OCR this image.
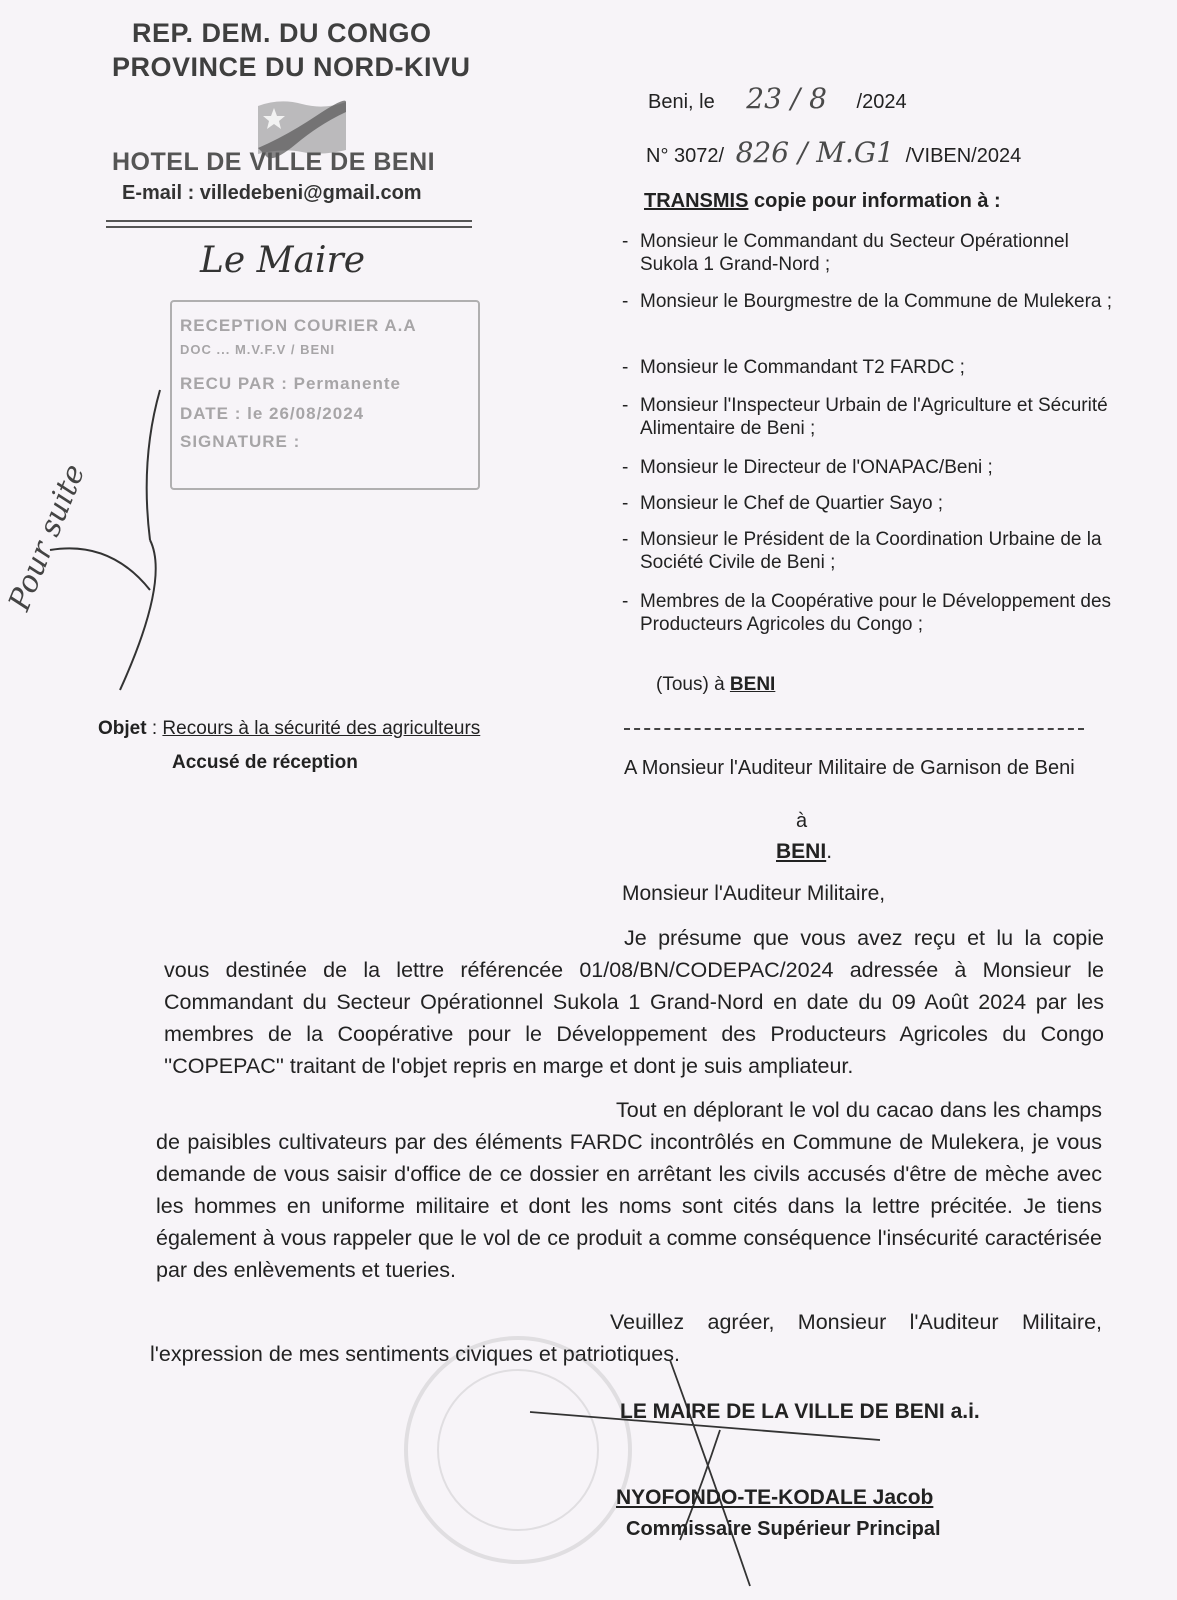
REP. DEM. DU CONGO
PROVINCE DU NORD-KIVU
HOTEL DE VILLE DE BENI
E-mail : villedebeni@gmail.com
Le Maire
RECEPTION COURIER A.A
DOC ... M.V.F.V / BENI
RECU PAR : Permanente
DATE : le 26/08/2024
SIGNATURE :
Pour suite
Beni, le 23 / 8 /2024
N° 3072/ 826 / M.G1 /VIBEN/2024
TRANSMIS copie pour information à :
- Monsieur le Commandant du Secteur Opérationnel Sukola 1 Grand-Nord ;
- Monsieur le Bourgmestre de la Commune de Mulekera ;
- Monsieur le Commandant T2 FARDC ;
- Monsieur l'Inspecteur Urbain de l'Agriculture et Sécurité Alimentaire de Beni ;
- Monsieur le Directeur de l'ONAPAC/Beni ;
- Monsieur le Chef de Quartier Sayo ;
- Monsieur le Président de la Coordination Urbaine de la Société Civile de Beni ;
- Membres de la Coopérative pour le Développement des Producteurs Agricoles du Congo ;
(Tous) à BENI
Objet : Recours à la sécurité des agriculteurs
Accusé de réception	A Monsieur l'Auditeur Militaire de Garnison de Beni
à
BENI.
Monsieur l'Auditeur Militaire,
Je présume que vous avez reçu et lu la copie vous destinée de la lettre référencée 01/08/BN/CODEPAC/2024 adressée à Monsieur le Commandant du Secteur Opérationnel Sukola 1 Grand-Nord en date du 09 Août 2024 par les membres de la Coopérative pour le Développement des Producteurs Agricoles du Congo ''COPEPAC'' traitant de l'objet repris en marge et dont je suis ampliateur.
Tout en déplorant le vol du cacao dans les champs de paisibles cultivateurs par des éléments FARDC incontrôlés en Commune de Mulekera, je vous demande de vous saisir d'office de ce dossier en arrêtant les civils accusés d'être de mèche avec les hommes en uniforme militaire et dont les noms sont cités dans la lettre précitée. Je tiens également à vous rappeler que le vol de ce produit a comme conséquence l'insécurité caractérisée par des enlèvements et tueries.
Veuillez agréer, Monsieur l'Auditeur Militaire, l'expression de mes sentiments civiques et patriotiques.
LE MAIRE DE LA VILLE DE BENI a.i.
NYOFONDO-TE-KODALE Jacob
Commissaire Supérieur Principal
